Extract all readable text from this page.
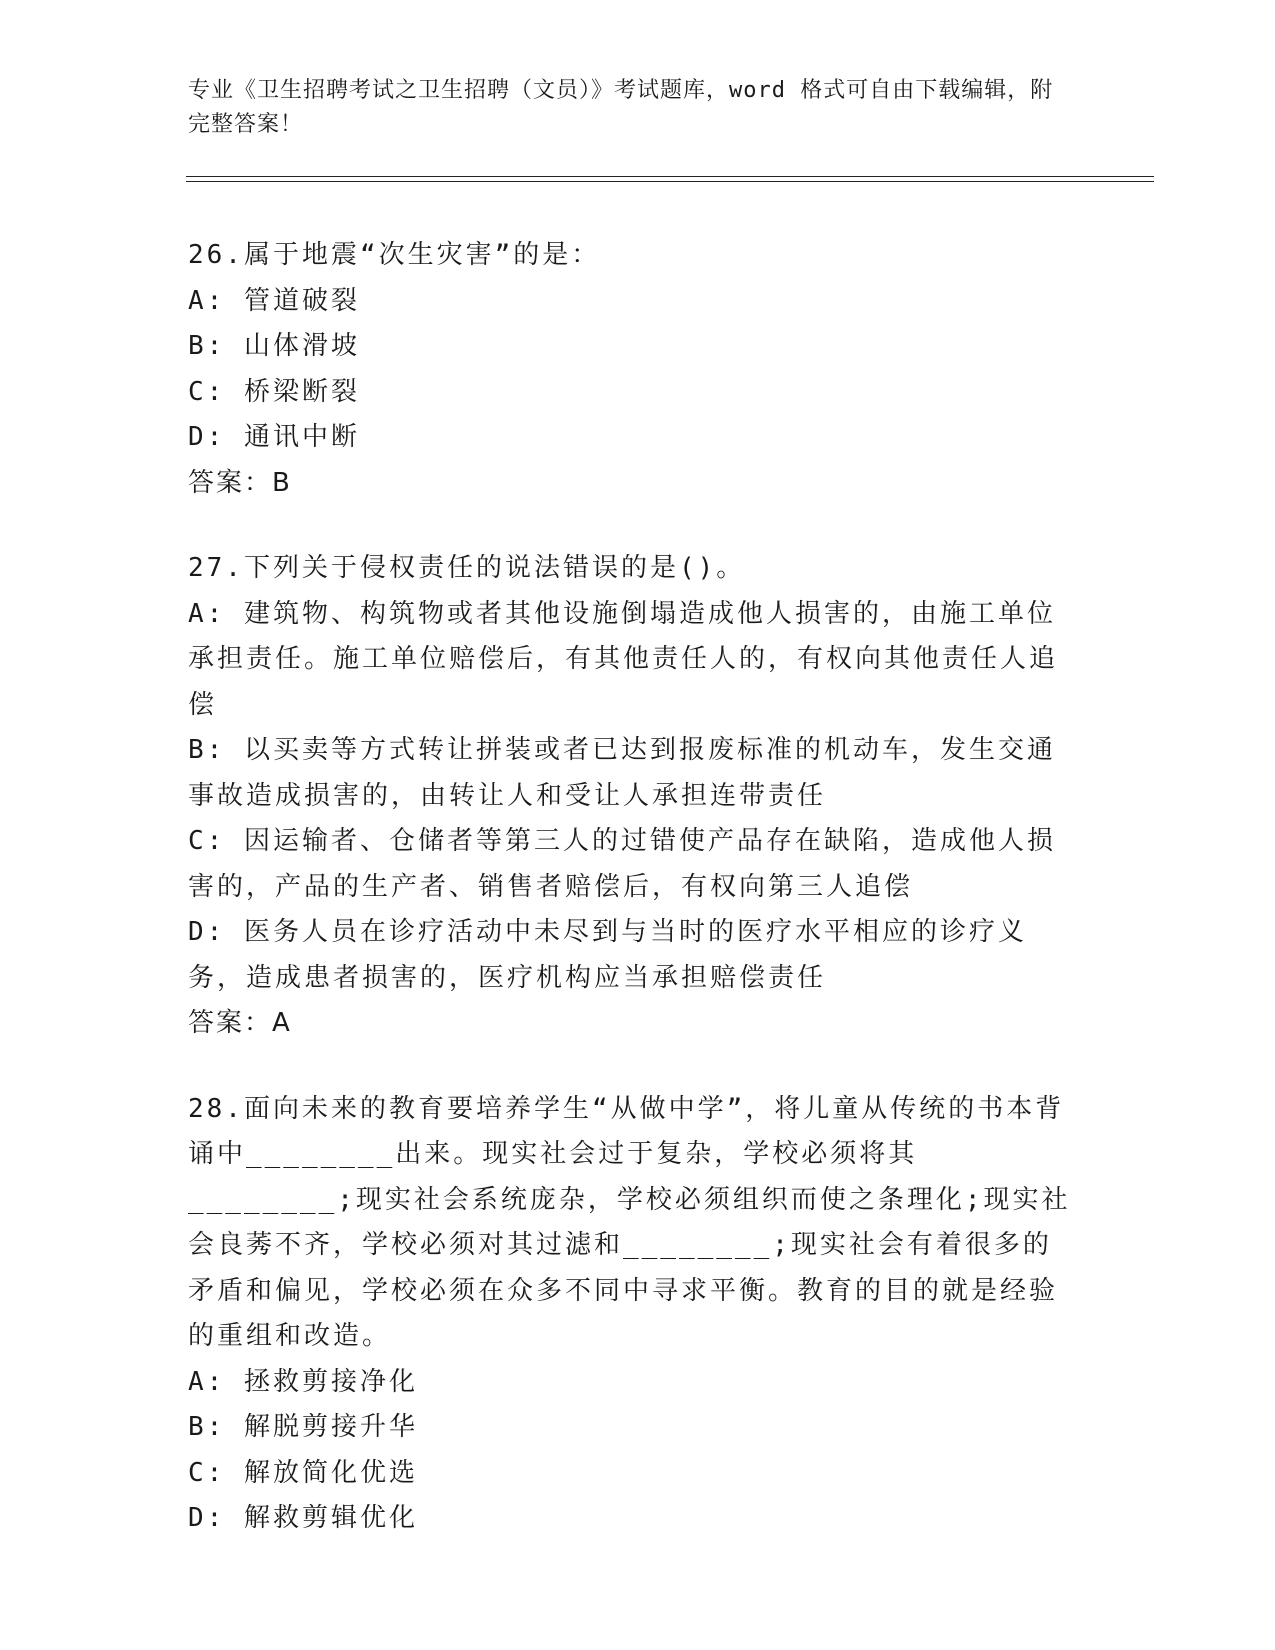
专业《卫生招聘考试之卫生招聘（文员）》考试题库，word 格式可自由下载编辑，附完整答案！
26.属于地震“次生灾害”的是：
A: 管道破裂
B: 山体滑坡
C: 桥梁断裂
D: 通讯中断
答案：B
27.下列关于侵权责任的说法错误的是()。
A: 建筑物、构筑物或者其他设施倒塌造成他人损害的，由施工单位承担责任。施工单位赔偿后，有其他责任人的，有权向其他责任人追偿
B: 以买卖等方式转让拼装或者已达到报废标准的机动车，发生交通事故造成损害的，由转让人和受让人承担连带责任
C: 因运输者、仓储者等第三人的过错使产品存在缺陷，造成他人损害的，产品的生产者、销售者赔偿后，有权向第三人追偿
D: 医务人员在诊疗活动中未尽到与当时的医疗水平相应的诊疗义务，造成患者损害的，医疗机构应当承担赔偿责任
答案：A
28.面向未来的教育要培养学生“从做中学”，将儿童从传统的书本背诵中________出来。现实社会过于复杂，学校必须将其________;现实社会系统庞杂，学校必须组织而使之条理化;现实社会良莠不齐，学校必须对其过滤和________;现实社会有着很多的矛盾和偏见，学校必须在众多不同中寻求平衡。教育的目的就是经验的重组和改造。
A: 拯救剪接净化
B: 解脱剪接升华
C: 解放简化优选
D: 解救剪辑优化
